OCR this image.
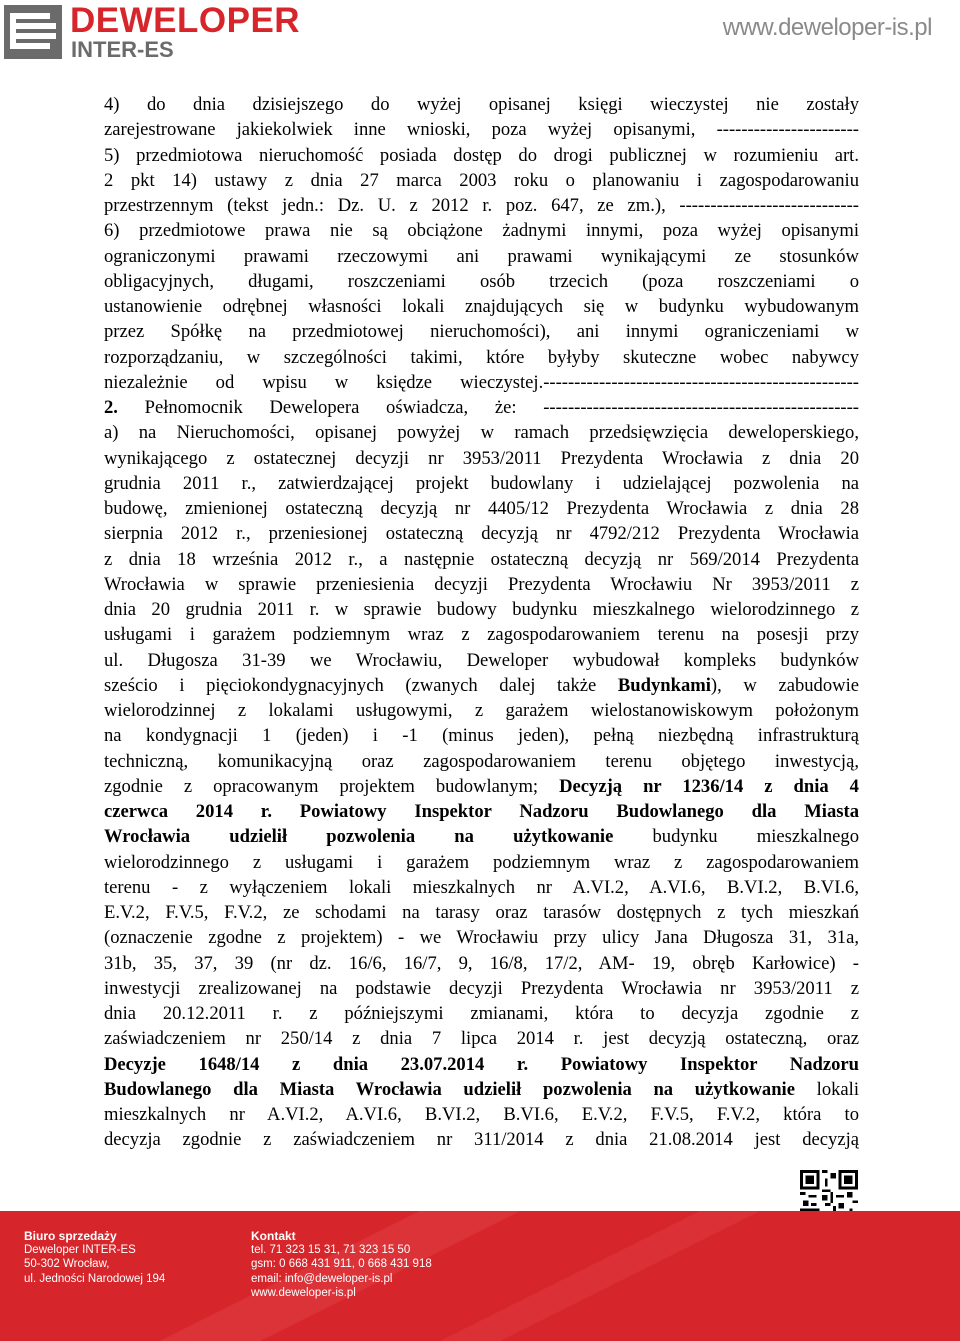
DEWELOPER
INTER-ES
www.deweloper-is.pl
4) do dnia dzisiejszego do wyżej opisanej księgi wieczystej nie zostały
zarejestrowane jakiekolwiek inne wnioski, poza wyżej opisanymi, -----------------------
5) przedmiotowa nieruchomość posiada dostęp do drogi publicznej w rozumieniu art.
2 pkt 14) ustawy z dnia 27 marca 2003 roku o planowaniu i zagospodarowaniu
przestrzennym (tekst jedn.: Dz. U. z 2012 r. poz. 647, ze zm.), -----------------------------
6) przedmiotowe prawa nie są obciążone żadnymi innymi, poza wyżej opisanymi
ograniczonymi prawami rzeczowymi ani prawami wynikającymi ze stosunków
obligacyjnych, długami, roszczeniami osób trzecich (poza roszczeniami o
ustanowienie odrębnej własności lokali znajdujących się w budynku wybudowanym
przez Spółkę na przedmiotowej nieruchomości), ani innymi ograniczeniami w
rozporządzaniu, w szczególności takimi, które byłyby skuteczne wobec nabywcy
niezależnie od wpisu w księdze wieczystej.---------------------------------------------------
2. Pełnomocnik Dewelopera oświadcza, że: ---------------------------------------------------
a) na Nieruchomości, opisanej powyżej w ramach przedsięwzięcia deweloperskiego,
wynikającego z ostatecznej decyzji nr 3953/2011 Prezydenta Wrocławia z dnia 20
grudnia 2011 r., zatwierdzającej projekt budowlany i udzielającej pozwolenia na
budowę, zmienionej ostateczną decyzją nr 4405/12 Prezydenta Wrocławia z dnia 28
sierpnia 2012 r., przeniesionej ostateczną decyzją nr 4792/212 Prezydenta Wrocławia
z dnia 18 września 2012 r., a następnie ostateczną decyzją nr 569/2014 Prezydenta
Wrocławia w sprawie przeniesienia decyzji Prezydenta Wrocławiu Nr 3953/2011 z
dnia 20 grudnia 2011 r. w sprawie budowy budynku mieszkalnego wielorodzinnego z
usługami i garażem podziemnym wraz z zagospodarowaniem terenu na posesji przy
ul. Długosza 31-39 we Wrocławiu, Deweloper wybudował kompleks budynków
sześcio i pięciokondygnacyjnych (zwanych dalej także Budynkami), w zabudowie
wielorodzinnej z lokalami usługowymi, z garażem wielostanowiskowym położonym
na kondygnacji 1 (jeden) i -1 (minus jeden), pełną niezbędną infrastrukturą
techniczną, komunikacyjną oraz zagospodarowaniem terenu objętego inwestycją,
zgodnie z opracowanym projektem budowlanym; Decyzją nr 1236/14 z dnia 4
czerwca 2014 r. Powiatowy Inspektor Nadzoru Budowlanego dla Miasta
Wrocławia udzielił pozwolenia na użytkowanie budynku mieszkalnego
wielorodzinnego z usługami i garażem podziemnym wraz z zagospodarowaniem
terenu - z wyłączeniem lokali mieszkalnych nr A.VI.2, A.VI.6, B.VI.2, B.VI.6,
E.V.2, F.V.5, F.V.2, ze schodami na tarasy oraz tarasów dostępnych z tych mieszkań
(oznaczenie zgodne z projektem) - we Wrocławiu przy ulicy Jana Długosza 31, 31a,
31b, 35, 37, 39 (nr dz. 16/6, 16/7, 9, 16/8, 17/2, AM- 19, obręb Karłowice) -
inwestycji zrealizowanej na podstawie decyzji Prezydenta Wrocławia nr 3953/2011 z
dnia 20.12.2011 r. z późniejszymi zmianami, która to decyzja zgodnie z
zaświadczeniem nr 250/14 z dnia 7 lipca 2014 r. jest decyzją ostateczną, oraz
Decyzje 1648/14 z dnia 23.07.2014 r. Powiatowy Inspektor Nadzoru
Budowlanego dla Miasta Wrocławia udzielił pozwolenia na użytkowanie lokali
mieszkalnych nr A.VI.2, A.VI.6, B.VI.2, B.VI.6, E.V.2, F.V.5, F.V.2, która to
decyzja zgodnie z zaświadczeniem nr 311/2014 z dnia 21.08.2014 jest decyzją
Biuro sprzedaży
Deweloper INTER-ES
50-302 Wrocław,
ul. Jedności Narodowej 194
Kontakt
tel. 71 323 15 31, 71 323 15 50
gsm: 0 668 431 911, 0 668 431 918
email: info@deweloper-is.pl
www.deweloper-is.pl
